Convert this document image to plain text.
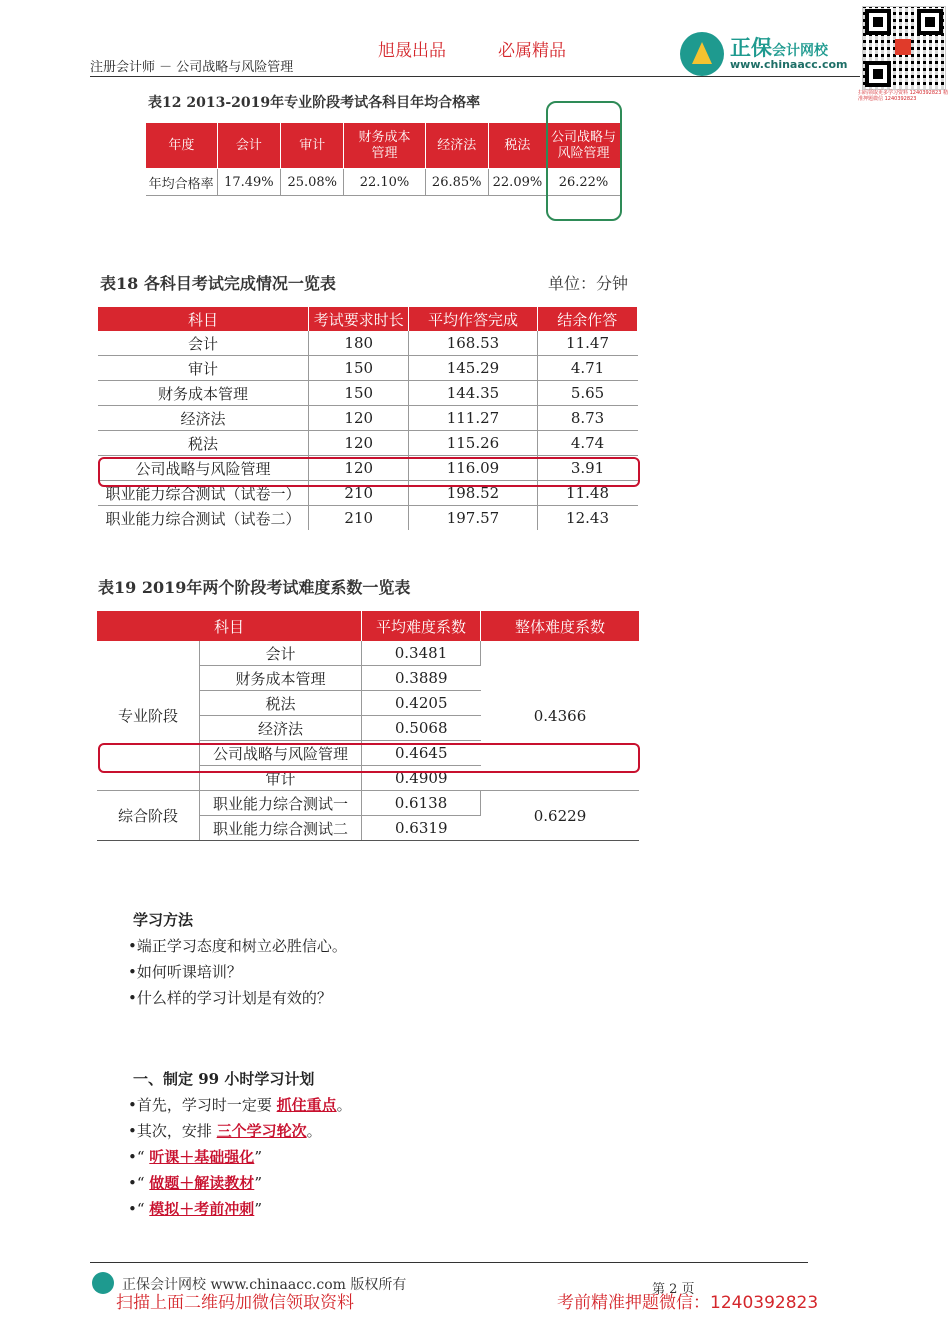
注册会计师 － 公司战略与风险管理
旭晟出品	必属精品	正保会计网校
www.chinaacc.com
扫码领取更多学习资料 1240392823 精准押题微信 1240392823
表12 2013-2019年专业阶段考试各科目年均合格率
年度	会计	审计	财务成本管理	经济法	税法	公司战略与风险管理
年均合格率	17.49%	25.08%	22.10%	26.85%	22.09%	26.22%
表18 各科目考试完成情况一览表	单位：分钟
科目	考试要求时长	平均作答完成	结余作答
会计	180	168.53	11.47
审计	150	145.29	4.71
财务成本管理	150	144.35	5.65
经济法	120	111.27	8.73
税法	120	115.26	4.74
公司战略与风险管理	120	116.09	3.91
职业能力综合测试（试卷一）	210	198.52	11.48
职业能力综合测试（试卷二）	210	197.57	12.43
表19 2019年两个阶段考试难度系数一览表
科目		平均难度系数	整体难度系数
专业阶段	会计	0.3481	0.4366
	财务成本管理	0.3889	
	税法	0.4205	
	经济法	0.5068	
	公司战略与风险管理	0.4645	
	审计	0.4909	
综合阶段	职业能力综合测试一	0.6138	0.6229
	职业能力综合测试二	0.6319	
学习方法
•端正学习态度和树立必胜信心。
•如何听课培训？
•什么样的学习计划是有效的？
一、制定 99 小时学习计划
•首先，学习时一定要 抓住重点。
•其次，安排 三个学习轮次。
•“ 听课＋基础强化”
•“ 做题＋解读教材”
•“ 模拟＋考前冲刺”
正保会计网校 www.chinaacc.com 版权所有	第 2 页
扫描上面二维码加微信领取资料	考前精准押题微信：1240392823
